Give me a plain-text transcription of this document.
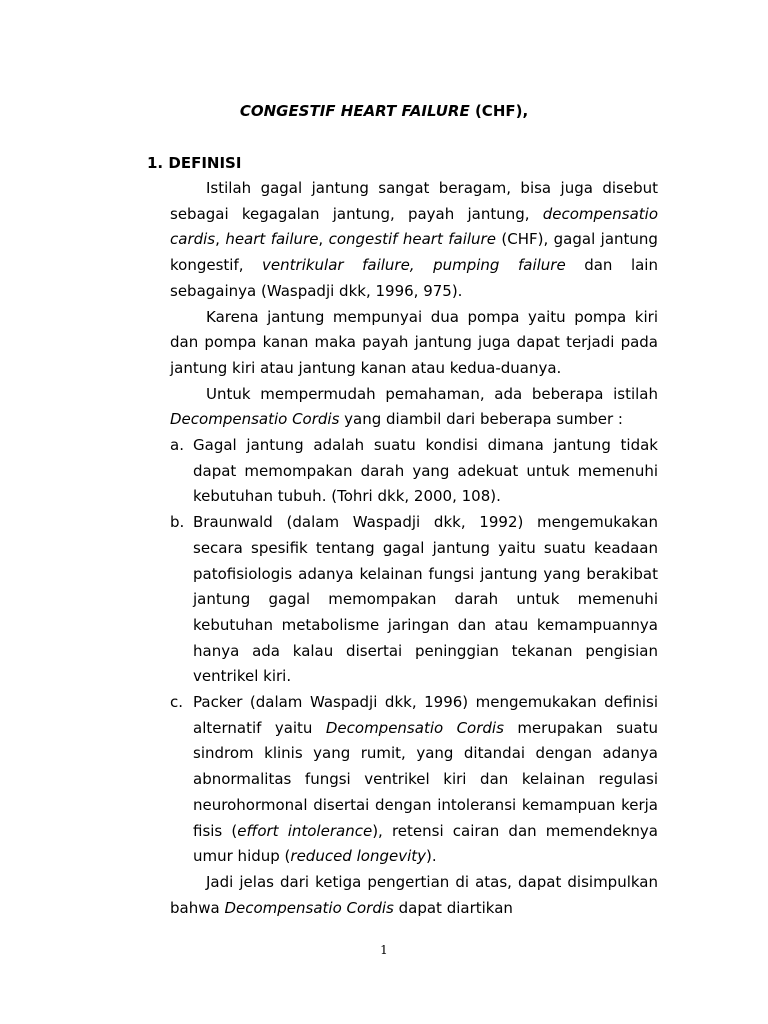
CONGESTIF HEART FAILURE (CHF),
1. DEFINISI

Istilah gagal jantung sangat beragam, bisa juga disebut sebagai kegagalan jantung, payah jantung, decompensatio cardis, heart failure, congestif heart failure (CHF), gagal jantung kongestif, ventrikular failure, pumping failure dan lain sebagainya (Waspadji dkk, 1996, 975).

Karena jantung mempunyai dua pompa yaitu pompa kiri dan pompa kanan maka payah jantung juga dapat terjadi pada jantung kiri atau jantung kanan atau kedua-duanya.

Untuk mempermudah pemahaman, ada beberapa istilah Decompensatio Cordis yang diambil dari beberapa sumber :

a. Gagal jantung adalah suatu kondisi dimana jantung tidak dapat memompakan darah yang adekuat untuk memenuhi kebutuhan tubuh. (Tohri dkk, 2000, 108).
b. Braunwald (dalam Waspadji dkk, 1992) mengemukakan secara spesifik tentang gagal jantung yaitu suatu keadaan patofisiologis adanya kelainan fungsi jantung yang berakibat jantung gagal memompakan darah untuk memenuhi kebutuhan metabolisme jaringan dan atau kemampuannya hanya ada kalau disertai peninggian tekanan pengisian ventrikel kiri.
c. Packer (dalam Waspadji dkk, 1996) mengemukakan definisi alternatif yaitu Decompensatio Cordis merupakan suatu sindrom klinis yang rumit, yang ditandai dengan adanya abnormalitas fungsi ventrikel kiri dan kelainan regulasi neurohormonal disertai dengan intoleransi kemampuan kerja fisis (effort intolerance), retensi cairan dan memendeknya umur hidup (reduced longevity).

Jadi jelas dari ketiga pengertian di atas, dapat disimpulkan bahwa Decompensatio Cordis dapat diartikan

1
